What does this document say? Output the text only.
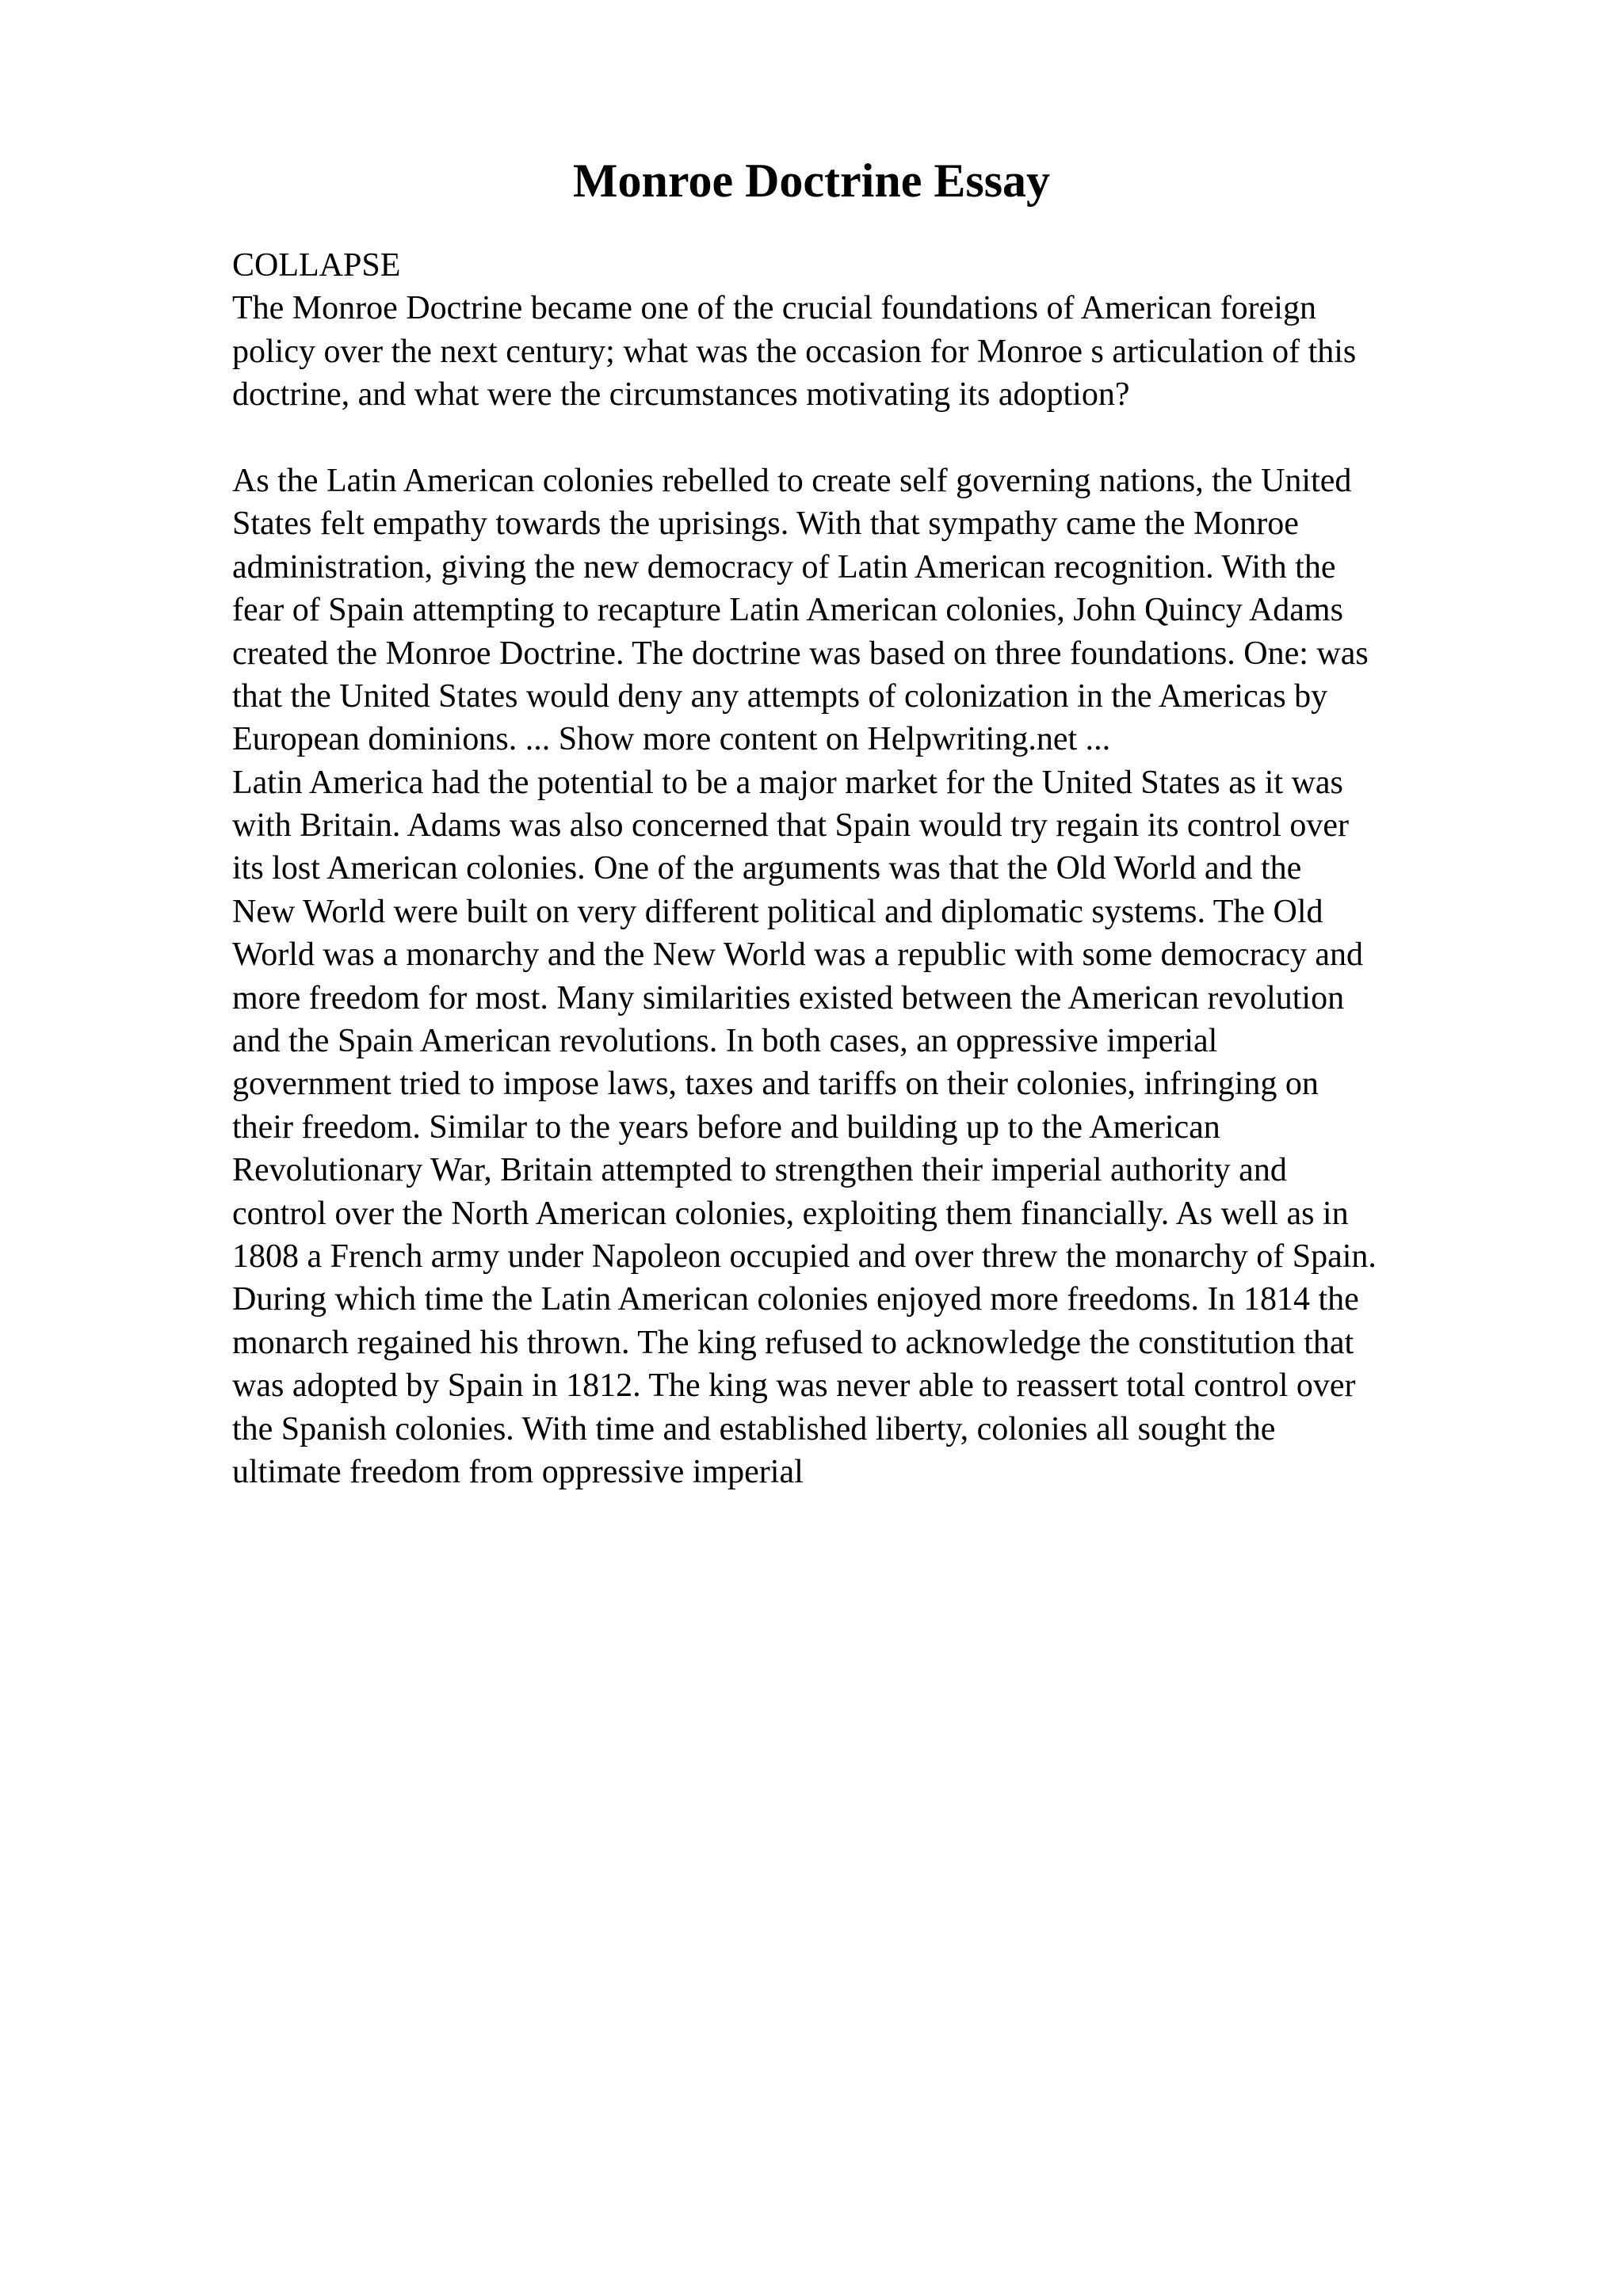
Monroe Doctrine Essay
COLLAPSE
The Monroe Doctrine became one of the crucial foundations of American foreign
policy over the next century; what was the occasion for Monroe s articulation of this
doctrine, and what were the circumstances motivating its adoption?
As the Latin American colonies rebelled to create self governing nations, the United
States felt empathy towards the uprisings. With that sympathy came the Monroe
administration, giving the new democracy of Latin American recognition. With the
fear of Spain attempting to recapture Latin American colonies, John Quincy Adams
created the Monroe Doctrine. The doctrine was based on three foundations. One: was
that the United States would deny any attempts of colonization in the Americas by
European dominions. ... Show more content on Helpwriting.net ...
Latin America had the potential to be a major market for the United States as it was
with Britain. Adams was also concerned that Spain would try regain its control over
its lost American colonies. One of the arguments was that the Old World and the
New World were built on very different political and diplomatic systems. The Old
World was a monarchy and the New World was a republic with some democracy and
more freedom for most. Many similarities existed between the American revolution
and the Spain American revolutions. In both cases, an oppressive imperial
government tried to impose laws, taxes and tariffs on their colonies, infringing on
their freedom. Similar to the years before and building up to the American
Revolutionary War, Britain attempted to strengthen their imperial authority and
control over the North American colonies, exploiting them financially. As well as in
1808 a French army under Napoleon occupied and over threw the monarchy of Spain.
During which time the Latin American colonies enjoyed more freedoms. In 1814 the
monarch regained his thrown. The king refused to acknowledge the constitution that
was adopted by Spain in 1812. The king was never able to reassert total control over
the Spanish colonies. With time and established liberty, colonies all sought the
ultimate freedom from oppressive imperial
